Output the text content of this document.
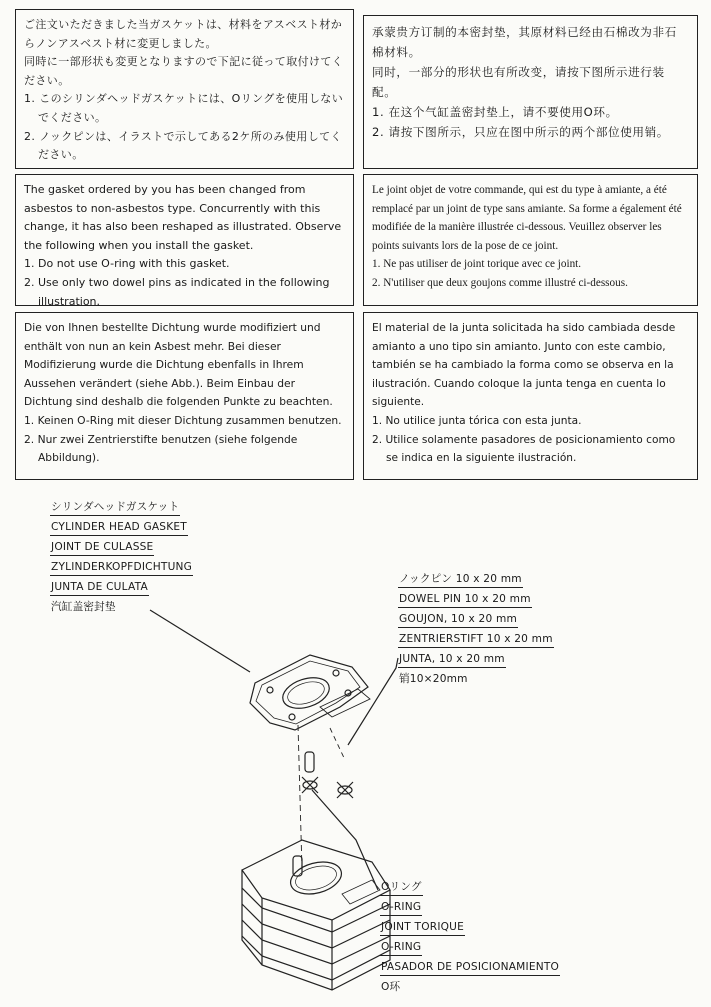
ご注文いただきました当ガスケットは、材料をアスベスト材からノンアスベスト材に変更しました。

同時に一部形状も変更となりますので下記に従って取付けてください。

1. このシリンダヘッドガスケットには、Oリングを使用しないでください。

2. ノックピンは、イラストで示してある2ケ所のみ使用してください。

承蒙贵方订制的本密封垫，其原材料已经由石棉改为非石棉材料。

同时，一部分的形状也有所改变，请按下图所示进行装配。

1. 在这个气缸盖密封垫上，请不要使用O环。

2. 请按下图所示，只应在图中所示的两个部位使用销。

The gasket ordered by you has been changed from asbestos to non-asbestos type. Concurrently with this change, it has also been reshaped as illustrated. Observe the following when you install the gasket.

1. Do not use O-ring with this gasket.

2. Use only two dowel pins as indicated in the following illustration.

Le joint objet de votre commande, qui est du type à amiante, a été remplacé par un joint de type sans amiante. Sa forme a également été modifiée de la manière illustrée ci-dessous. Veuillez observer les points suivants lors de la pose de ce joint.

1. Ne pas utiliser de joint torique avec ce joint.

2. N'utiliser que deux goujons comme illustré ci-dessous.

Die von Ihnen bestellte Dichtung wurde modifiziert und enthält von nun an kein Asbest mehr. Bei dieser Modifizierung wurde die Dichtung ebenfalls in Ihrem Aussehen verändert (siehe Abb.). Beim Einbau der Dichtung sind deshalb die folgenden Punkte zu beachten.

1. Keinen O-Ring mit dieser Dichtung zusammen benutzen.

2. Nur zwei Zentrierstifte benutzen (siehe folgende Abbildung).

El material de la junta solicitada ha sido cambiada desde amianto a uno tipo sin amianto. Junto con este cambio, también se ha cambiado la forma como se observa en la ilustración. Cuando coloque la junta tenga en cuenta lo siguiente.

1. No utilice junta tórica con esta junta.

2. Utilice solamente pasadores de posicionamiento como se indica en la siguiente ilustración.

シリンダヘッドガスケット
CYLINDER HEAD GASKET
JOINT DE CULASSE
ZYLINDERKOPFDICHTUNG
JUNTA DE CULATA
汽缸盖密封垫
ノックピン 10 x 20 mm
DOWEL PIN 10 x 20 mm
GOUJON, 10 x 20 mm
ZENTRIERSTIFT 10 x 20 mm
JUNTA, 10 x 20 mm
销10×20mm
Oリング
O-RING
JOINT TORIQUE
O-RING
PASADOR DE POSICIONAMIENTO
O环
